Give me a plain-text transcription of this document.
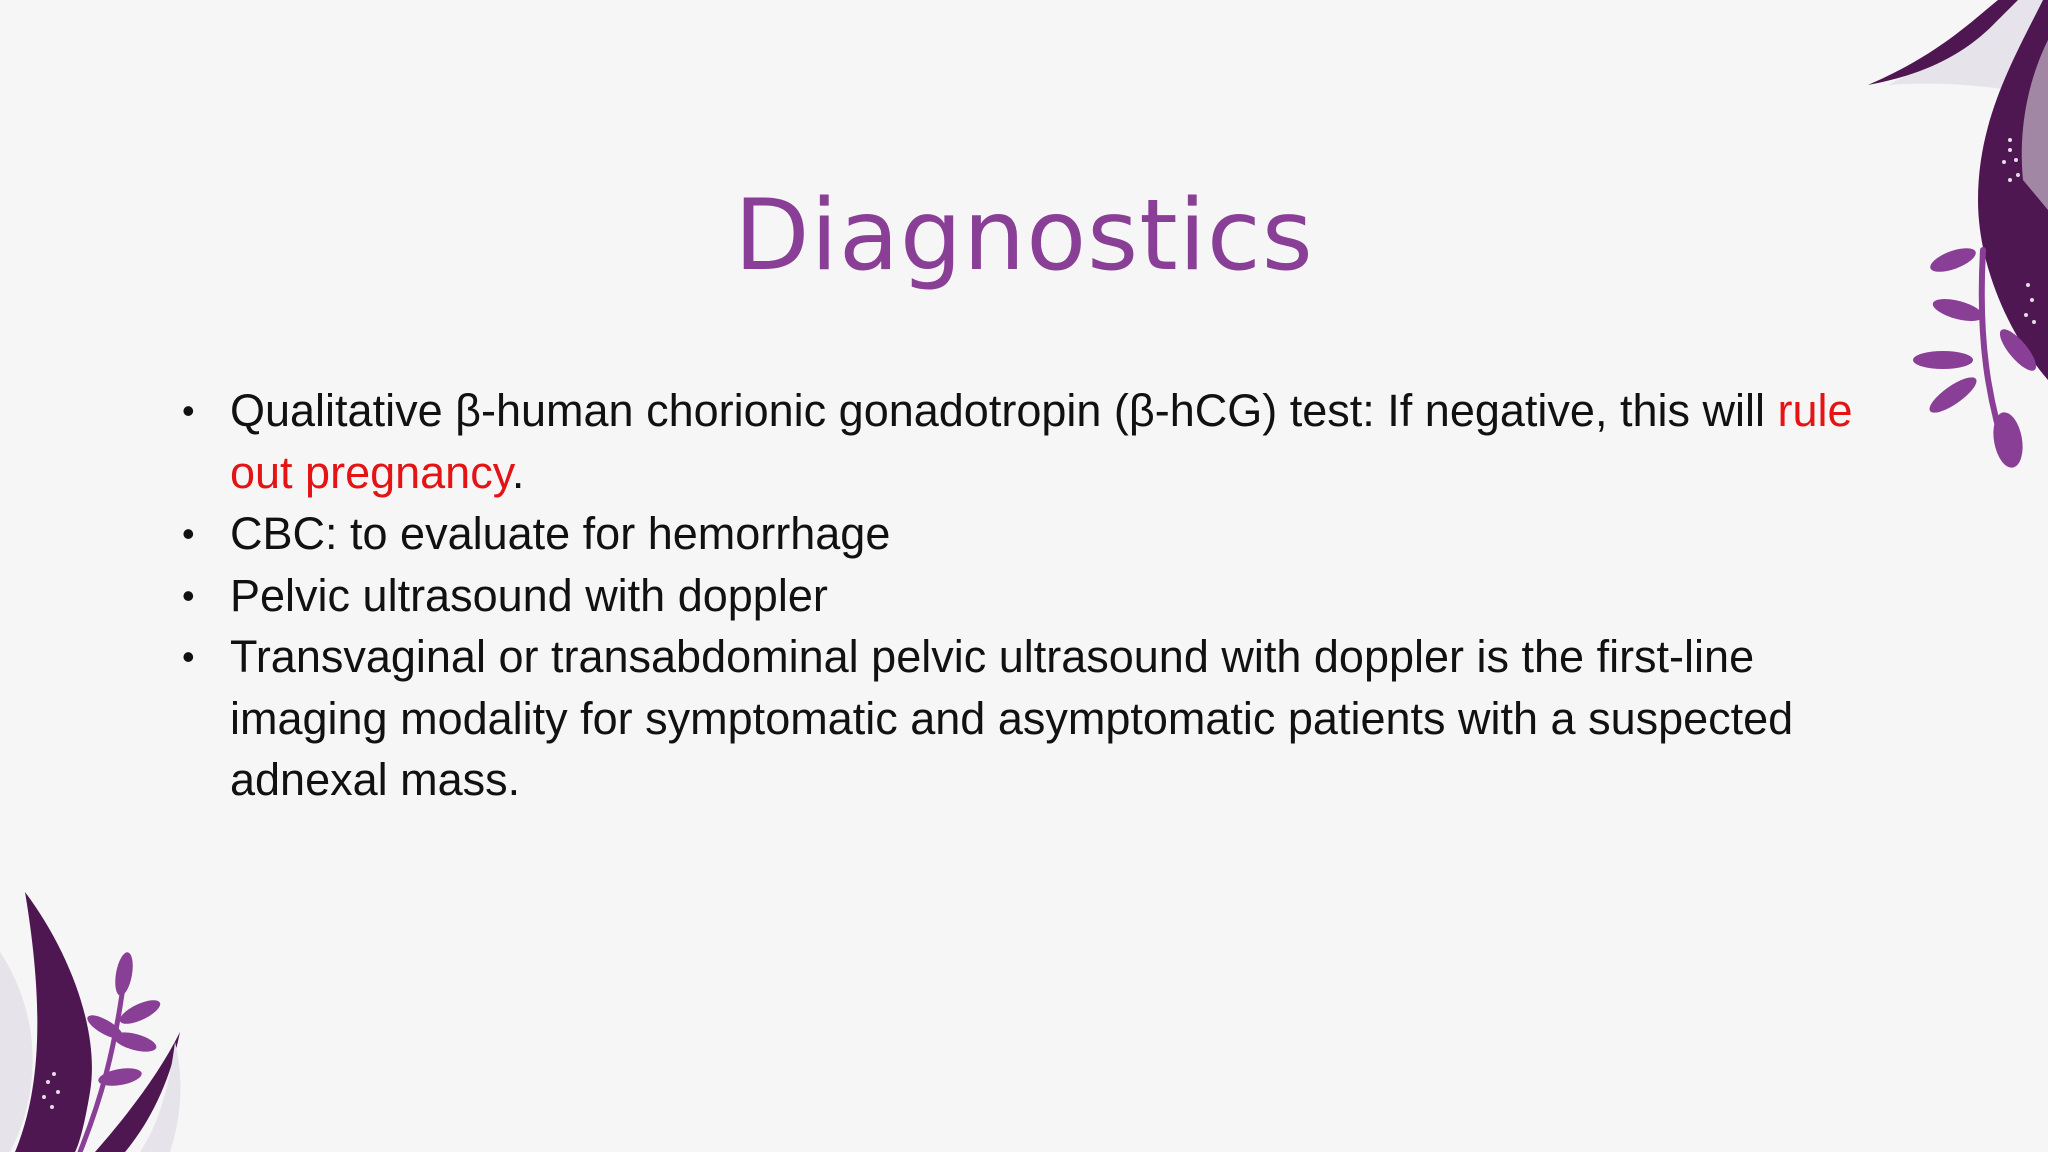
Diagnostics
• Qualitative β-human chorionic gonadotropin (β-hCG) test: If negative, this will rule out pregnancy.
• CBC: to evaluate for hemorrhage
• Pelvic ultrasound with doppler
• Transvaginal or transabdominal pelvic ultrasound with doppler is the first-line imaging modality for symptomatic and asymptomatic patients with a suspected adnexal mass.
